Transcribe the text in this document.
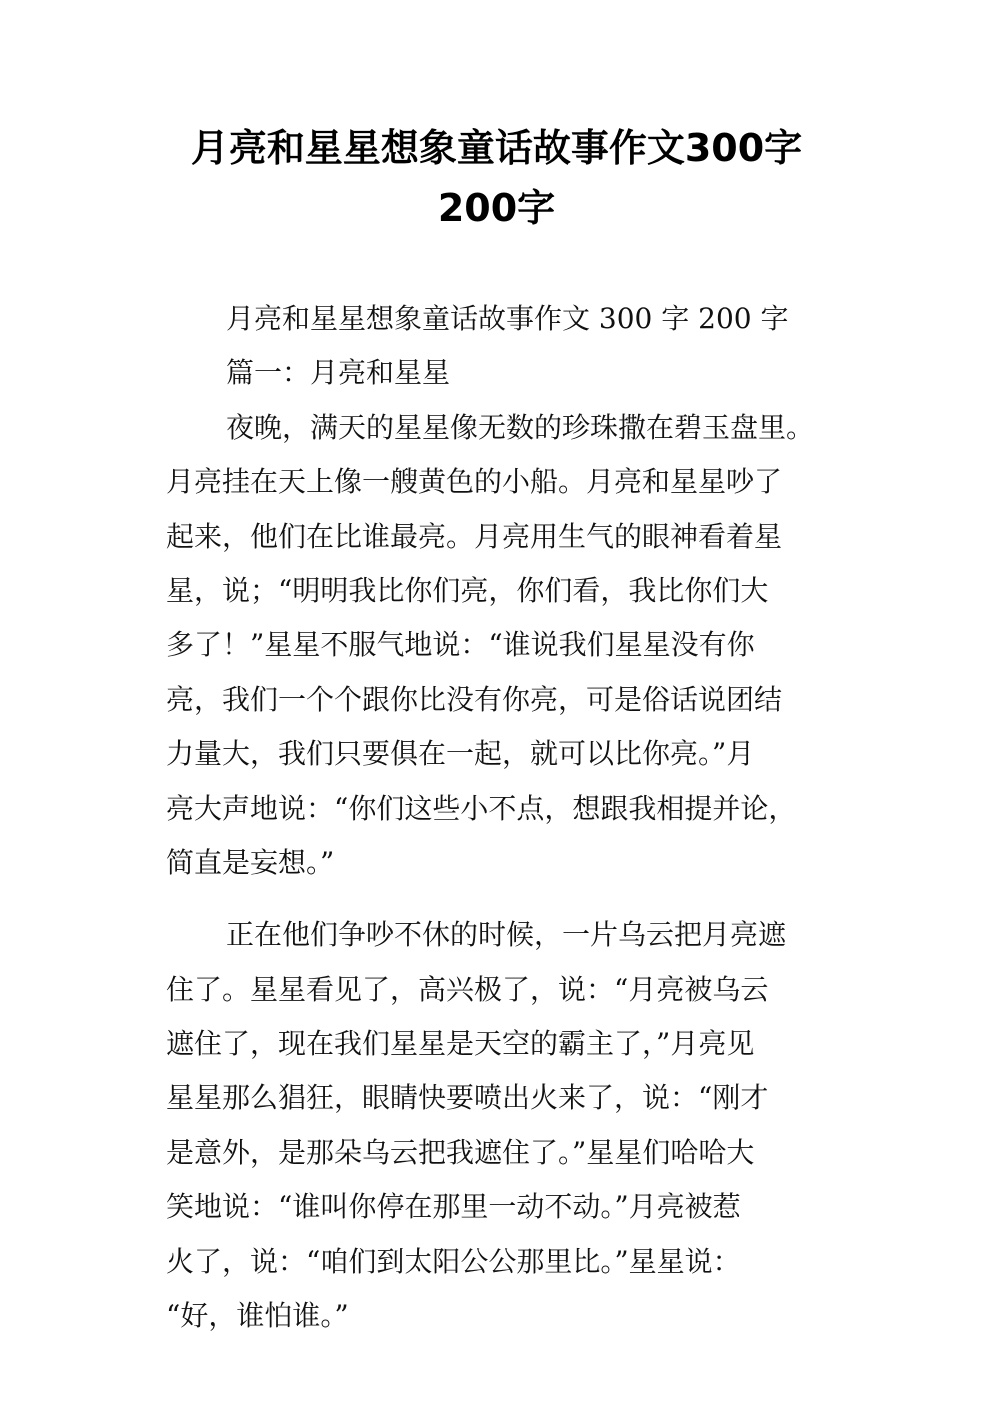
月亮和星星想象童话故事作文300字
200字
月亮和星星想象童话故事作文 300 字 200 字
篇一：月亮和星星
夜晚，满天的星星像无数的珍珠撒在碧玉盘里。
月亮挂在天上像一艘黄色的小船。月亮和星星吵了
起来，他们在比谁最亮。月亮用生气的眼神看着星
星，说；“明明我比你们亮，你们看，我比你们大
多了！”星星不服气地说：“谁说我们星星没有你
亮，我们一个个跟你比没有你亮，可是俗话说团结
力量大，我们只要俱在一起，就可以比你亮。”月
亮大声地说：“你们这些小不点，想跟我相提并论，
简直是妄想。”
正在他们争吵不休的时候，一片乌云把月亮遮
住了。星星看见了，高兴极了，说：“月亮被乌云
遮住了，现在我们星星是天空的霸主了，”月亮见
星星那么猖狂，眼睛快要喷出火来了，说：“刚才
是意外，是那朵乌云把我遮住了。”星星们哈哈大
笑地说：“谁叫你停在那里一动不动。”月亮被惹
火了，说：“咱们到太阳公公那里比。”星星说：
“好，谁怕谁。”
